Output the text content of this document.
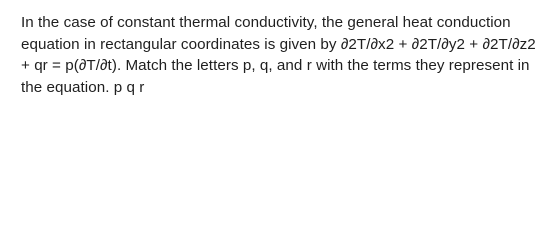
In the case of constant thermal conductivity, the general heat conduction equation in rectangular coordinates is given by ∂2T/∂x2 + ∂2T/∂y2 + ∂2T/∂z2 + qr = p(∂T/∂t). Match the letters p, q, and r with the terms they represent in the equation. p q r
